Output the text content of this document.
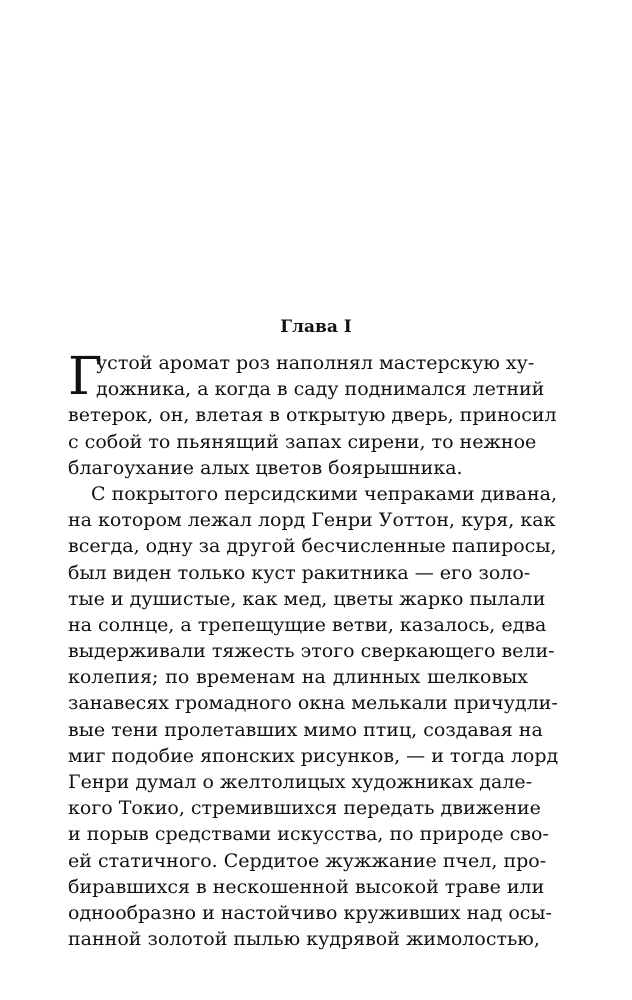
Глава I
Г
устой аромат роз наполнял мастерскую ху-
дожника, а когда в саду поднимался летний
ветерок, он, влетая в открытую дверь, приносил
с собой то пьянящий запах сирени, то нежное
благоухание алых цветов боярышника.
С покрытого персидскими чепраками дивана,
на котором лежал лорд Генри Уоттон, куря, как
всегда, одну за другой бесчисленные папиросы,
был виден только куст ракитника — его золо-
тые и душистые, как мед, цветы жарко пылали
на солнце, а трепещущие ветви, казалось, едва
выдерживали тяжесть этого сверкающего вели-
колепия; по временам на длинных шелковых
занавесях громадного окна мелькали причудли-
вые тени пролетавших мимо птиц, создавая на
миг подобие японских рисунков, — и тогда лорд
Генри думал о желтолицых художниках дале-
кого Токио, стремившихся передать движение
и порыв средствами искусства, по природе сво-
ей статичного. Сердитое жужжание пчел, про-
биравшихся в нескошенной высокой траве или
однообразно и настойчиво круживших над осы-
панной золотой пылью кудрявой жимолостью,
